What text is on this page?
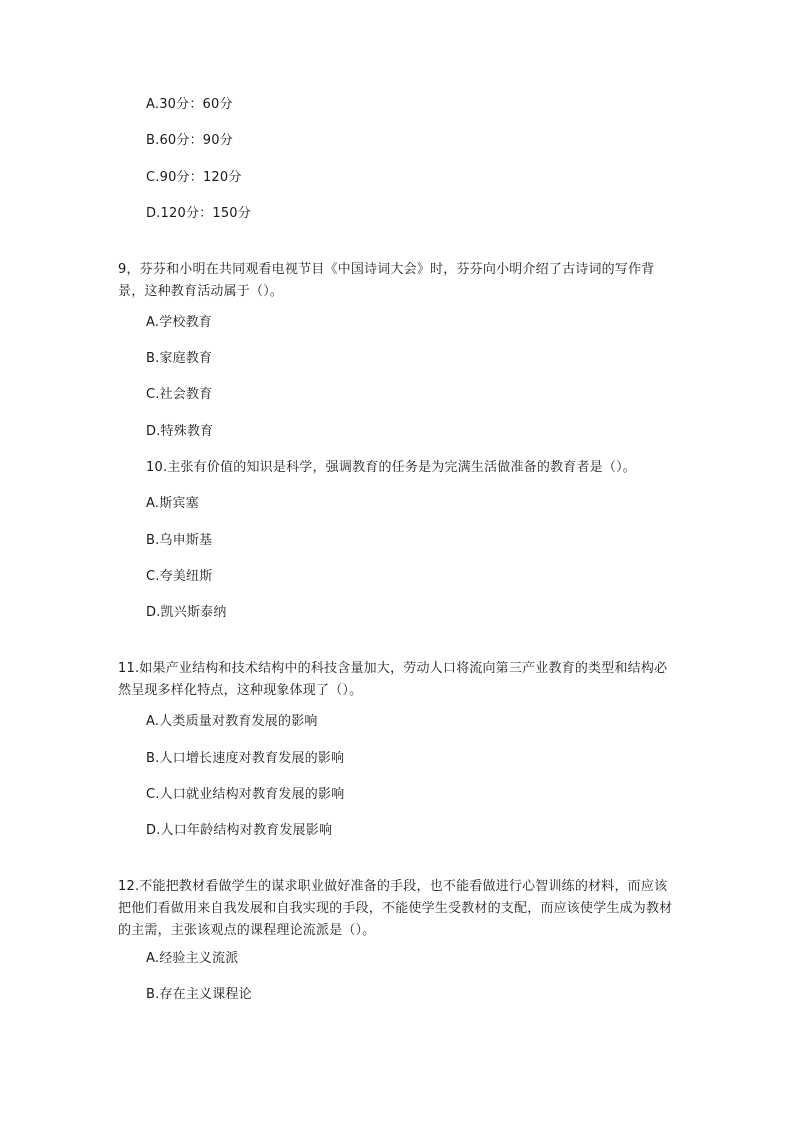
A.30分：60分
B.60分：90分
C.90分：120分
D.120分：150分
9，芬芬和小明在共同观看电视节目《中国诗词大会》时，芬芬向小明介绍了古诗词的写作背景，这种教育活动属于（）。
A.学校教育
B.家庭教育
C.社会教育
D.特殊教育
10.主张有价值的知识是科学，强调教育的任务是为完满生活做准备的教育者是（）。
A.斯宾塞
B.乌申斯基
C.夸美纽斯
D.凯兴斯泰纳
11.如果产业结构和技术结构中的科技含量加大，劳动人口将流向第三产业教育的类型和结构必然呈现多样化特点，这种现象体现了（）。
A.人类质量对教育发展的影响
B.人口增长速度对教育发展的影响
C.人口就业结构对教育发展的影响
D.人口年龄结构对教育发展影响
12.不能把教材看做学生的谋求职业做好准备的手段，也不能看做进行心智训练的材料，而应该把他们看做用来自我发展和自我实现的手段，不能使学生受教材的支配，而应该使学生成为教材的主需，主张该观点的课程理论流派是（）。
A.经验主义流派
B.存在主义课程论
